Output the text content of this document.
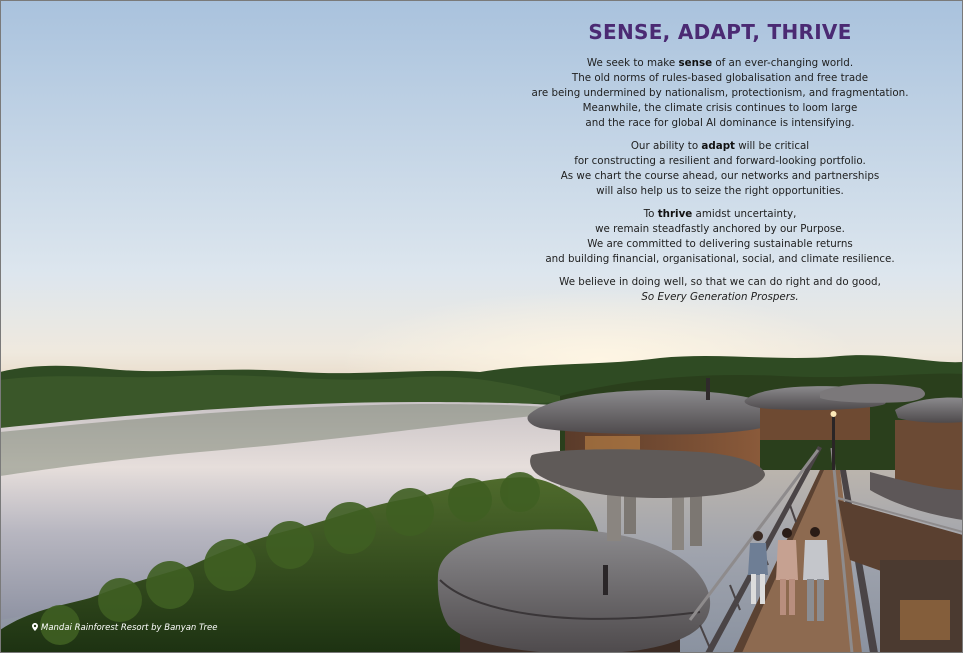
SENSE, ADAPT, THRIVE
We seek to make sense of an ever-changing world.
The old norms of rules-based globalisation and free trade
are being undermined by nationalism, protectionism, and fragmentation.
Meanwhile, the climate crisis continues to loom large
and the race for global AI dominance is intensifying.
Our ability to adapt will be critical
for constructing a resilient and forward-looking portfolio.
As we chart the course ahead, our networks and partnerships
will also help us to seize the right opportunities.
To thrive amidst uncertainty,
we remain steadfastly anchored by our Purpose.
We are committed to delivering sustainable returns
and building financial, organisational, social, and climate resilience.
We believe in doing well, so that we can do right and do good,
So Every Generation Prospers.
Mandai Rainforest Resort by Banyan Tree
